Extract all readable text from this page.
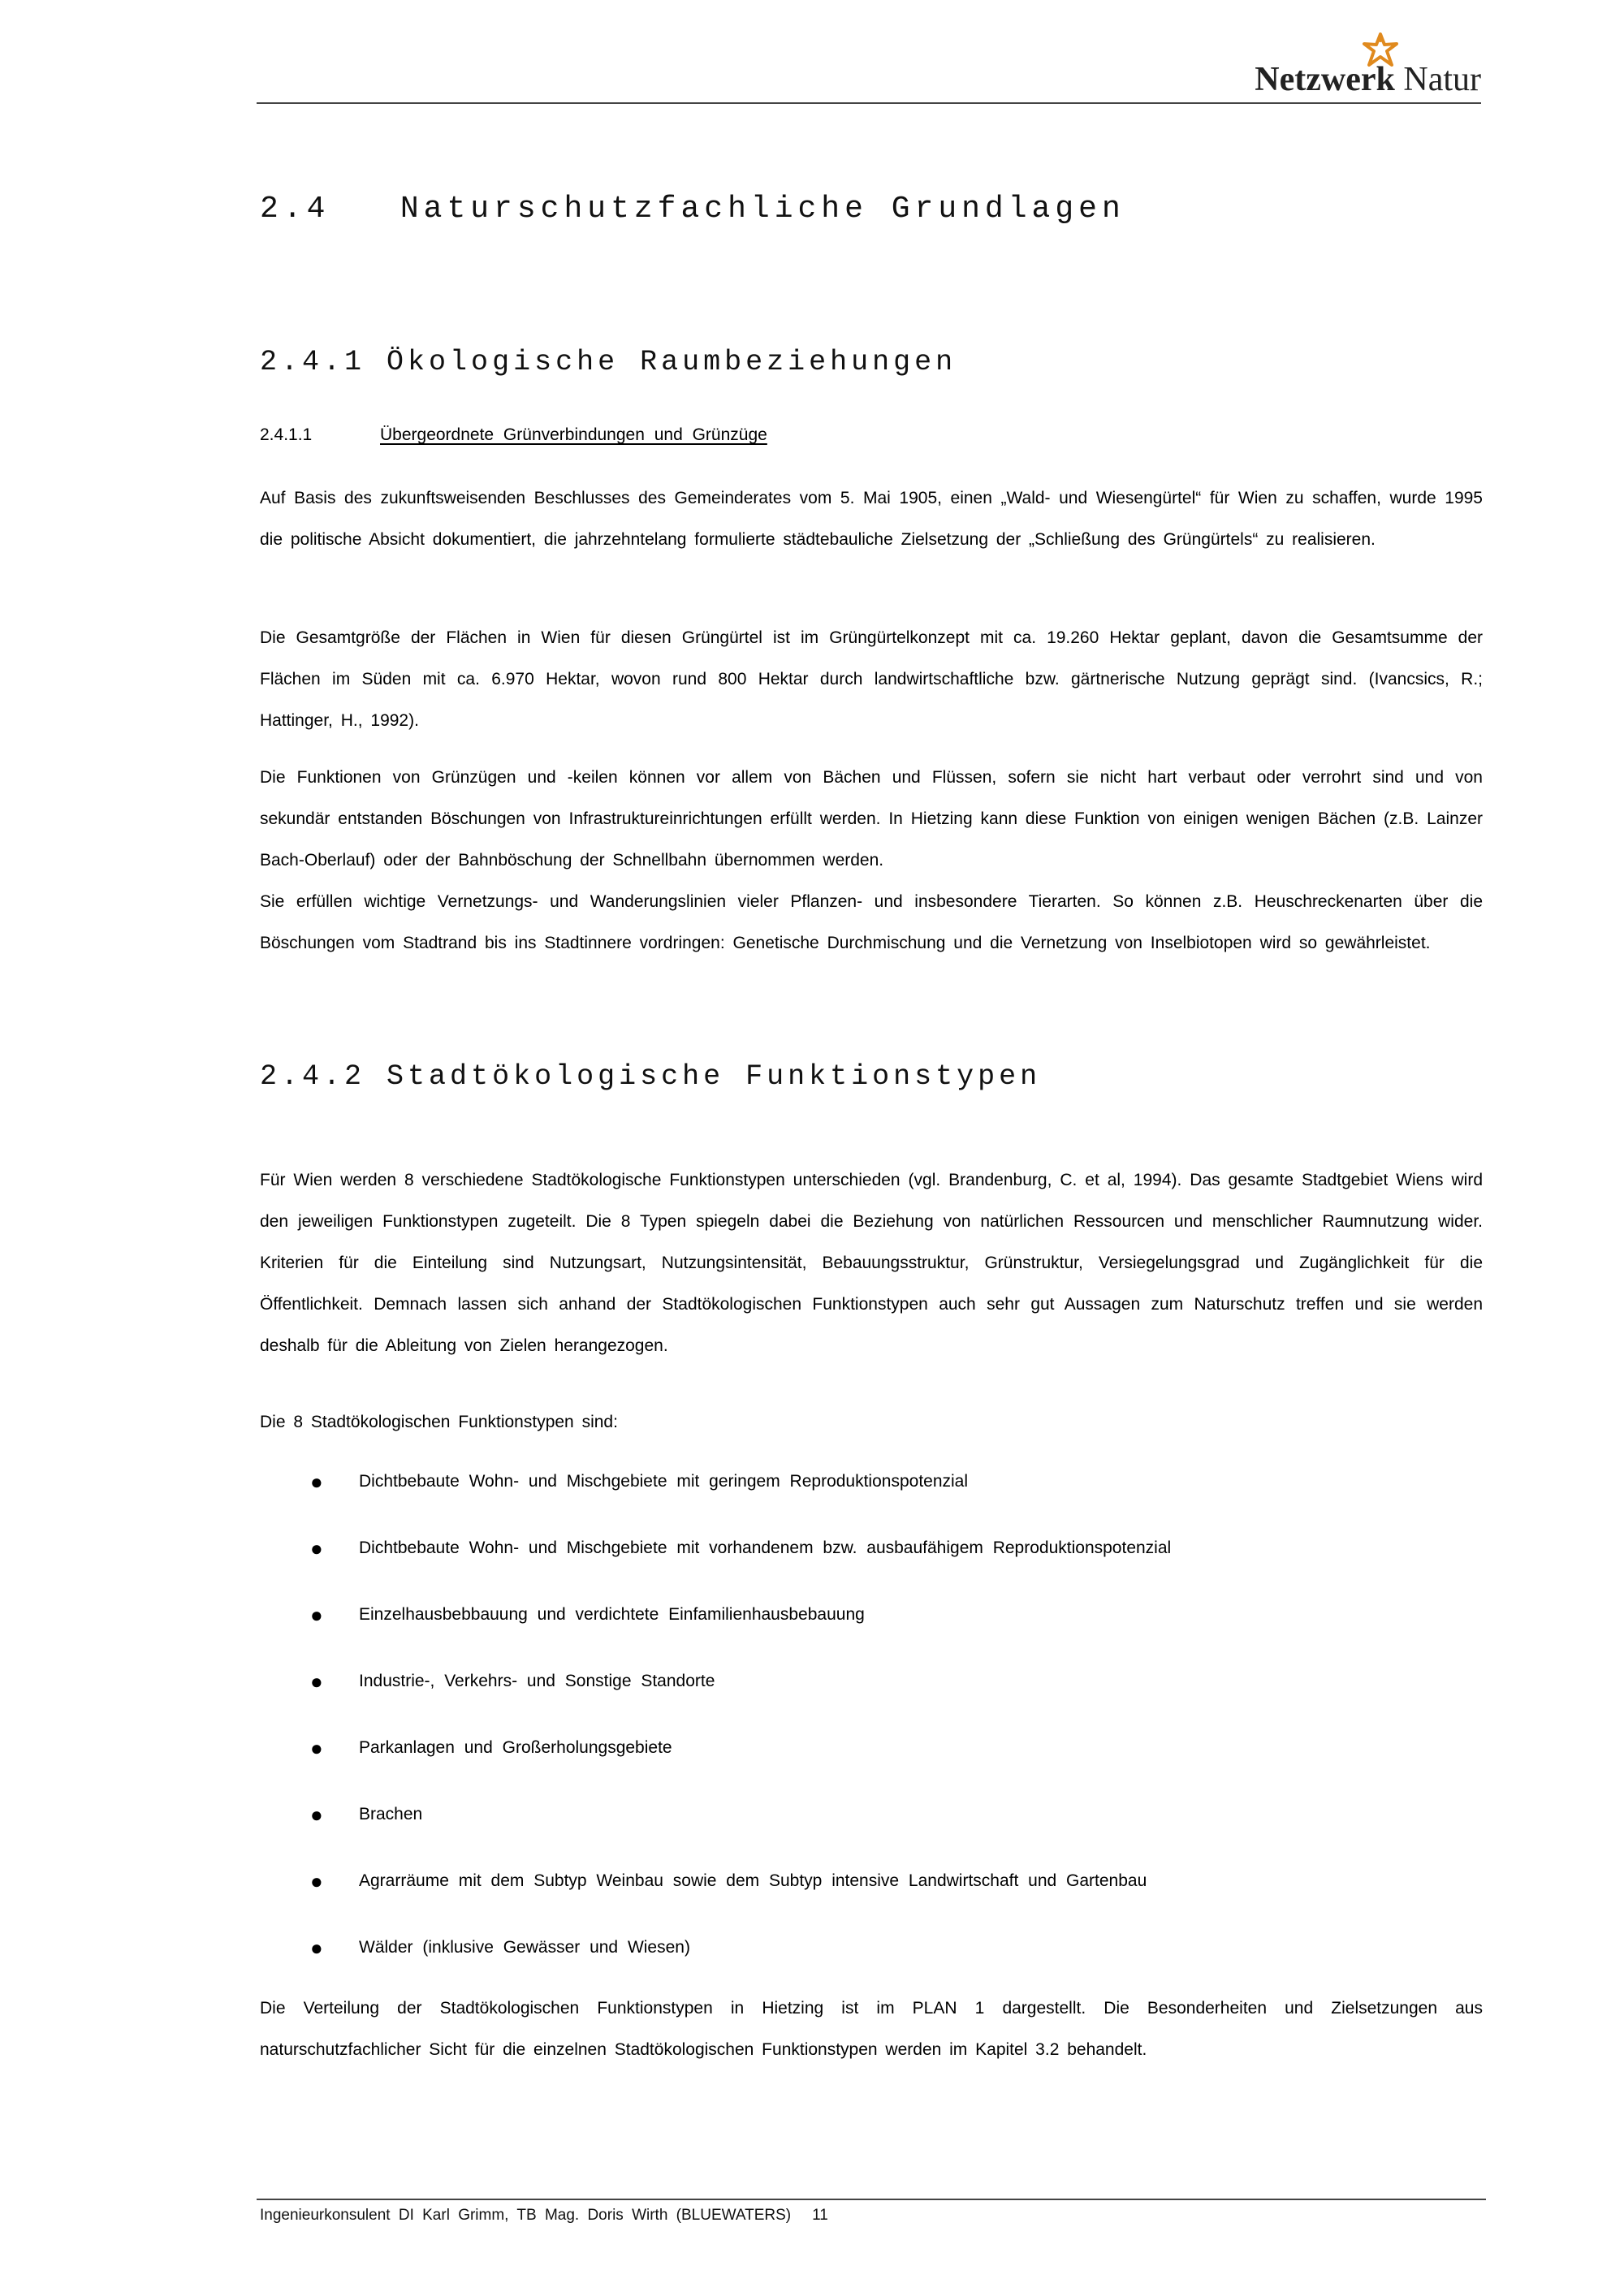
Netzwerk Natur
2.4 Naturschutzfachliche Grundlagen
2.4.1 Ökologische Raumbeziehungen
2.4.1.1	Übergeordnete Grünverbindungen und Grünzüge
Auf Basis des zukunftsweisenden Beschlusses des Gemeinderates vom 5. Mai 1905, einen „Wald- und Wiesengürtel“ für Wien zu schaffen, wurde 1995 die politische Absicht dokumentiert, die jahrzehntelang formulierte städtebauliche Zielsetzung der „Schließung des Grüngürtels“ zu realisieren.
Die Gesamtgröße der Flächen in Wien für diesen Grüngürtel ist im Grüngürtelkonzept mit ca. 19.260 Hektar geplant, davon die Gesamtsumme der Flächen im Süden mit ca. 6.970 Hektar, wovon rund 800 Hektar durch landwirtschaftliche bzw. gärtnerische Nutzung geprägt sind. (Ivancsics, R.; Hattinger, H., 1992).
Die Funktionen von Grünzügen und -keilen können vor allem von Bächen und Flüssen, sofern sie nicht hart verbaut oder verrohrt sind und von sekundär entstanden Böschungen von Infrastruktureinrichtungen erfüllt werden. In Hietzing kann diese Funktion von einigen wenigen Bächen (z.B. Lainzer Bach-Oberlauf) oder der Bahnböschung der Schnellbahn übernommen werden.
Sie erfüllen wichtige Vernetzungs- und Wanderungslinien vieler Pflanzen- und insbesondere Tierarten. So können z.B. Heuschreckenarten über die Böschungen vom Stadtrand bis ins Stadtinnere vordringen: Genetische Durchmischung und die Vernetzung von Inselbiotopen wird so gewährleistet.
2.4.2 Stadtökologische Funktionstypen
Für Wien werden 8 verschiedene Stadtökologische Funktionstypen unterschieden (vgl. Brandenburg, C. et al, 1994). Das gesamte Stadtgebiet Wiens wird den jeweiligen Funktionstypen zugeteilt. Die 8 Typen spiegeln dabei die Beziehung von natürlichen Ressourcen und menschlicher Raumnutzung wider. Kriterien für die Einteilung sind Nutzungsart, Nutzungsintensität, Bebauungsstruktur, Grünstruktur, Versiegelungsgrad und Zugänglichkeit für die Öffentlichkeit. Demnach lassen sich anhand der Stadtökologischen Funktionstypen auch sehr gut Aussagen zum Naturschutz treffen und sie werden deshalb für die Ableitung von Zielen herangezogen.
Die 8 Stadtökologischen Funktionstypen sind:
● Dichtbebaute Wohn- und Mischgebiete mit geringem Reproduktionspotenzial
● Dichtbebaute Wohn- und Mischgebiete mit vorhandenem bzw. ausbaufähigem Reproduktionspotenzial
● Einzelhausbebbauung und verdichtete Einfamilienhausbebauung
● Industrie-, Verkehrs- und Sonstige Standorte
● Parkanlagen und Großerholungsgebiete
● Brachen
● Agrarräume mit dem Subtyp Weinbau sowie dem Subtyp intensive Landwirtschaft und Gartenbau
● Wälder (inklusive Gewässer und Wiesen)
Die Verteilung der Stadtökologischen Funktionstypen in Hietzing ist im PLAN 1 dargestellt. Die Besonderheiten und Zielsetzungen aus naturschutzfachlicher Sicht für die einzelnen Stadtökologischen Funktionstypen werden im Kapitel 3.2 behandelt.
Ingenieurkonsulent DI Karl Grimm, TB Mag. Doris Wirth (BLUEWATERS) 11
